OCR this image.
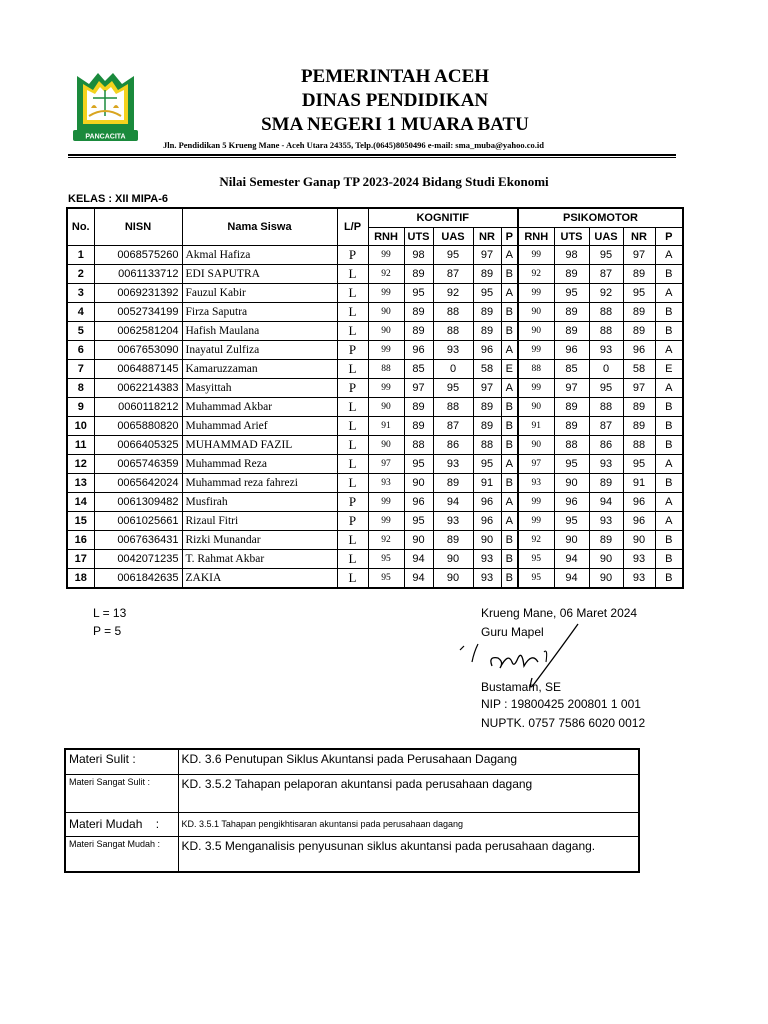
PANCACITA
PEMERINTAH ACEH
DINAS PENDIDIKAN
SMA NEGERI 1 MUARA BATU
Jln. Pendidikan 5 Krueng Mane - Aceh Utara 24355, Telp.(0645)8050496 e-mail: sma_muba@yahoo.co.id
Nilai Semester Ganap TP 2023-2024 Bidang Studi Ekonomi
KELAS : XII MIPA-6
No.	NISN	Nama Siswa	L/P	KOGNITIF					PSIKOMOTOR				
				RNH	UTS	UAS	NR	P	RNH	UTS	UAS	NR	P
1	0068575260	Akmal Hafiza	P	99	98	95	97	A	99	98	95	97	A
2	0061133712	EDI SAPUTRA	L	92	89	87	89	B	92	89	87	89	B
3	0069231392	Fauzul Kabir	L	99	95	92	95	A	99	95	92	95	A
4	0052734199	Firza Saputra	L	90	89	88	89	B	90	89	88	89	B
5	0062581204	Hafish Maulana	L	90	89	88	89	B	90	89	88	89	B
6	0067653090	Inayatul Zulfiza	P	99	96	93	96	A	99	96	93	96	A
7	0064887145	Kamaruzzaman	L	88	85	0	58	E	88	85	0	58	E
8	0062214383	Masyittah	P	99	97	95	97	A	99	97	95	97	A
9	0060118212	Muhammad Akbar	L	90	89	88	89	B	90	89	88	89	B
10	0065880820	Muhammad Arief	L	91	89	87	89	B	91	89	87	89	B
11	0066405325	MUHAMMAD FAZIL	L	90	88	86	88	B	90	88	86	88	B
12	0065746359	Muhammad Reza	L	97	95	93	95	A	97	95	93	95	A
13	0065642024	Muhammad reza fahrezi	L	93	90	89	91	B	93	90	89	91	B
14	0061309482	Musfirah	P	99	96	94	96	A	99	96	94	96	A
15	0061025661	Rizaul Fitri	P	99	95	93	96	A	99	95	93	96	A
16	0067636431	Rizki Munandar	L	92	90	89	90	B	92	90	89	90	B
17	0042071235	T. Rahmat Akbar	L	95	94	90	93	B	95	94	90	93	B
18	0061842635	ZAKIA	L	95	94	90	93	B	95	94	90	93	B
L = 13
P = 5
Krueng Mane, 06 Maret 2024
Guru Mapel
Bustamam, SE
NIP : 19800425 200801 1 001
NUPTK. 0757 7586 6020 0012
Materi Sulit :	KD. 3.6 Penutupan Siklus Akuntansi pada Perusahaan Dagang
Materi Sangat Sulit :	KD. 3.5.2 Tahapan pelaporan akuntansi pada perusahaan dagang
Materi Mudah    :	KD. 3.5.1 Tahapan pengikhtisaran akuntansi pada perusahaan dagang
Materi Sangat Mudah :	KD. 3.5 Menganalisis penyusunan siklus akuntansi pada perusahaan dagang.
